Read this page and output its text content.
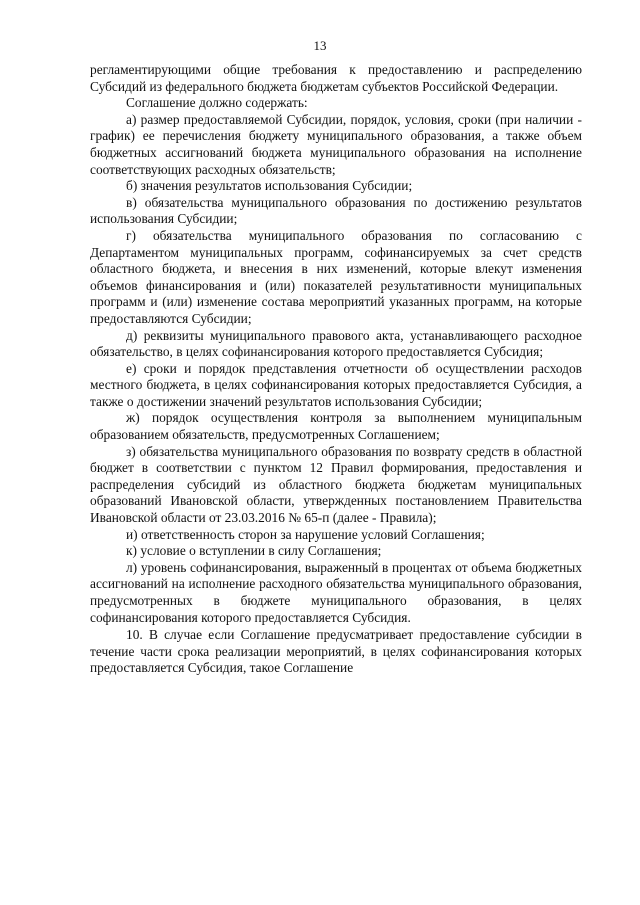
13

регламентирующими общие требования к предоставлению и распределению Субсидий из федерального бюджета бюджетам субъектов Российской Федерации.

Соглашение должно содержать:

а) размер предоставляемой Субсидии, порядок, условия, сроки (при наличии - график) ее перечисления бюджету муниципального образования, а также объем бюджетных ассигнований бюджета муниципального образования на исполнение соответствующих расходных обязательств;

б) значения результатов использования Субсидии;

в) обязательства муниципального образования по достижению результатов использования Субсидии;

г) обязательства муниципального образования по согласованию с Департаментом муниципальных программ, софинансируемых за счет средств областного бюджета, и внесения в них изменений, которые влекут изменения объемов финансирования и (или) показателей результативности муниципальных программ и (или) изменение состава мероприятий указанных программ, на которые предоставляются Субсидии;

д) реквизиты муниципального правового акта, устанавливающего расходное обязательство, в целях софинансирования которого предоставляется Субсидия;

е) сроки и порядок представления отчетности об осуществлении расходов местного бюджета, в целях софинансирования которых предоставляется Субсидия, а также о достижении значений результатов использования Субсидии;

ж) порядок осуществления контроля за выполнением муниципальным образованием обязательств, предусмотренных Соглашением;

з) обязательства муниципального образования по возврату средств в областной бюджет в соответствии с пунктом 12 Правил формирования, предоставления и распределения субсидий из областного бюджета бюджетам муниципальных образований Ивановской области, утвержденных постановлением Правительства Ивановской области от 23.03.2016 № 65-п (далее - Правила);

и) ответственность сторон за нарушение условий Соглашения;

к) условие о вступлении в силу Соглашения;

л) уровень софинансирования, выраженный в процентах от объема бюджетных ассигнований на исполнение расходного обязательства муниципального образования, предусмотренных в бюджете муниципального образования, в целях софинансирования которого предоставляется Субсидия.

10. В случае если Соглашение предусматривает предоставление субсидии в течение части срока реализации мероприятий, в целях софинансирования которых предоставляется Субсидия, такое Соглашение
